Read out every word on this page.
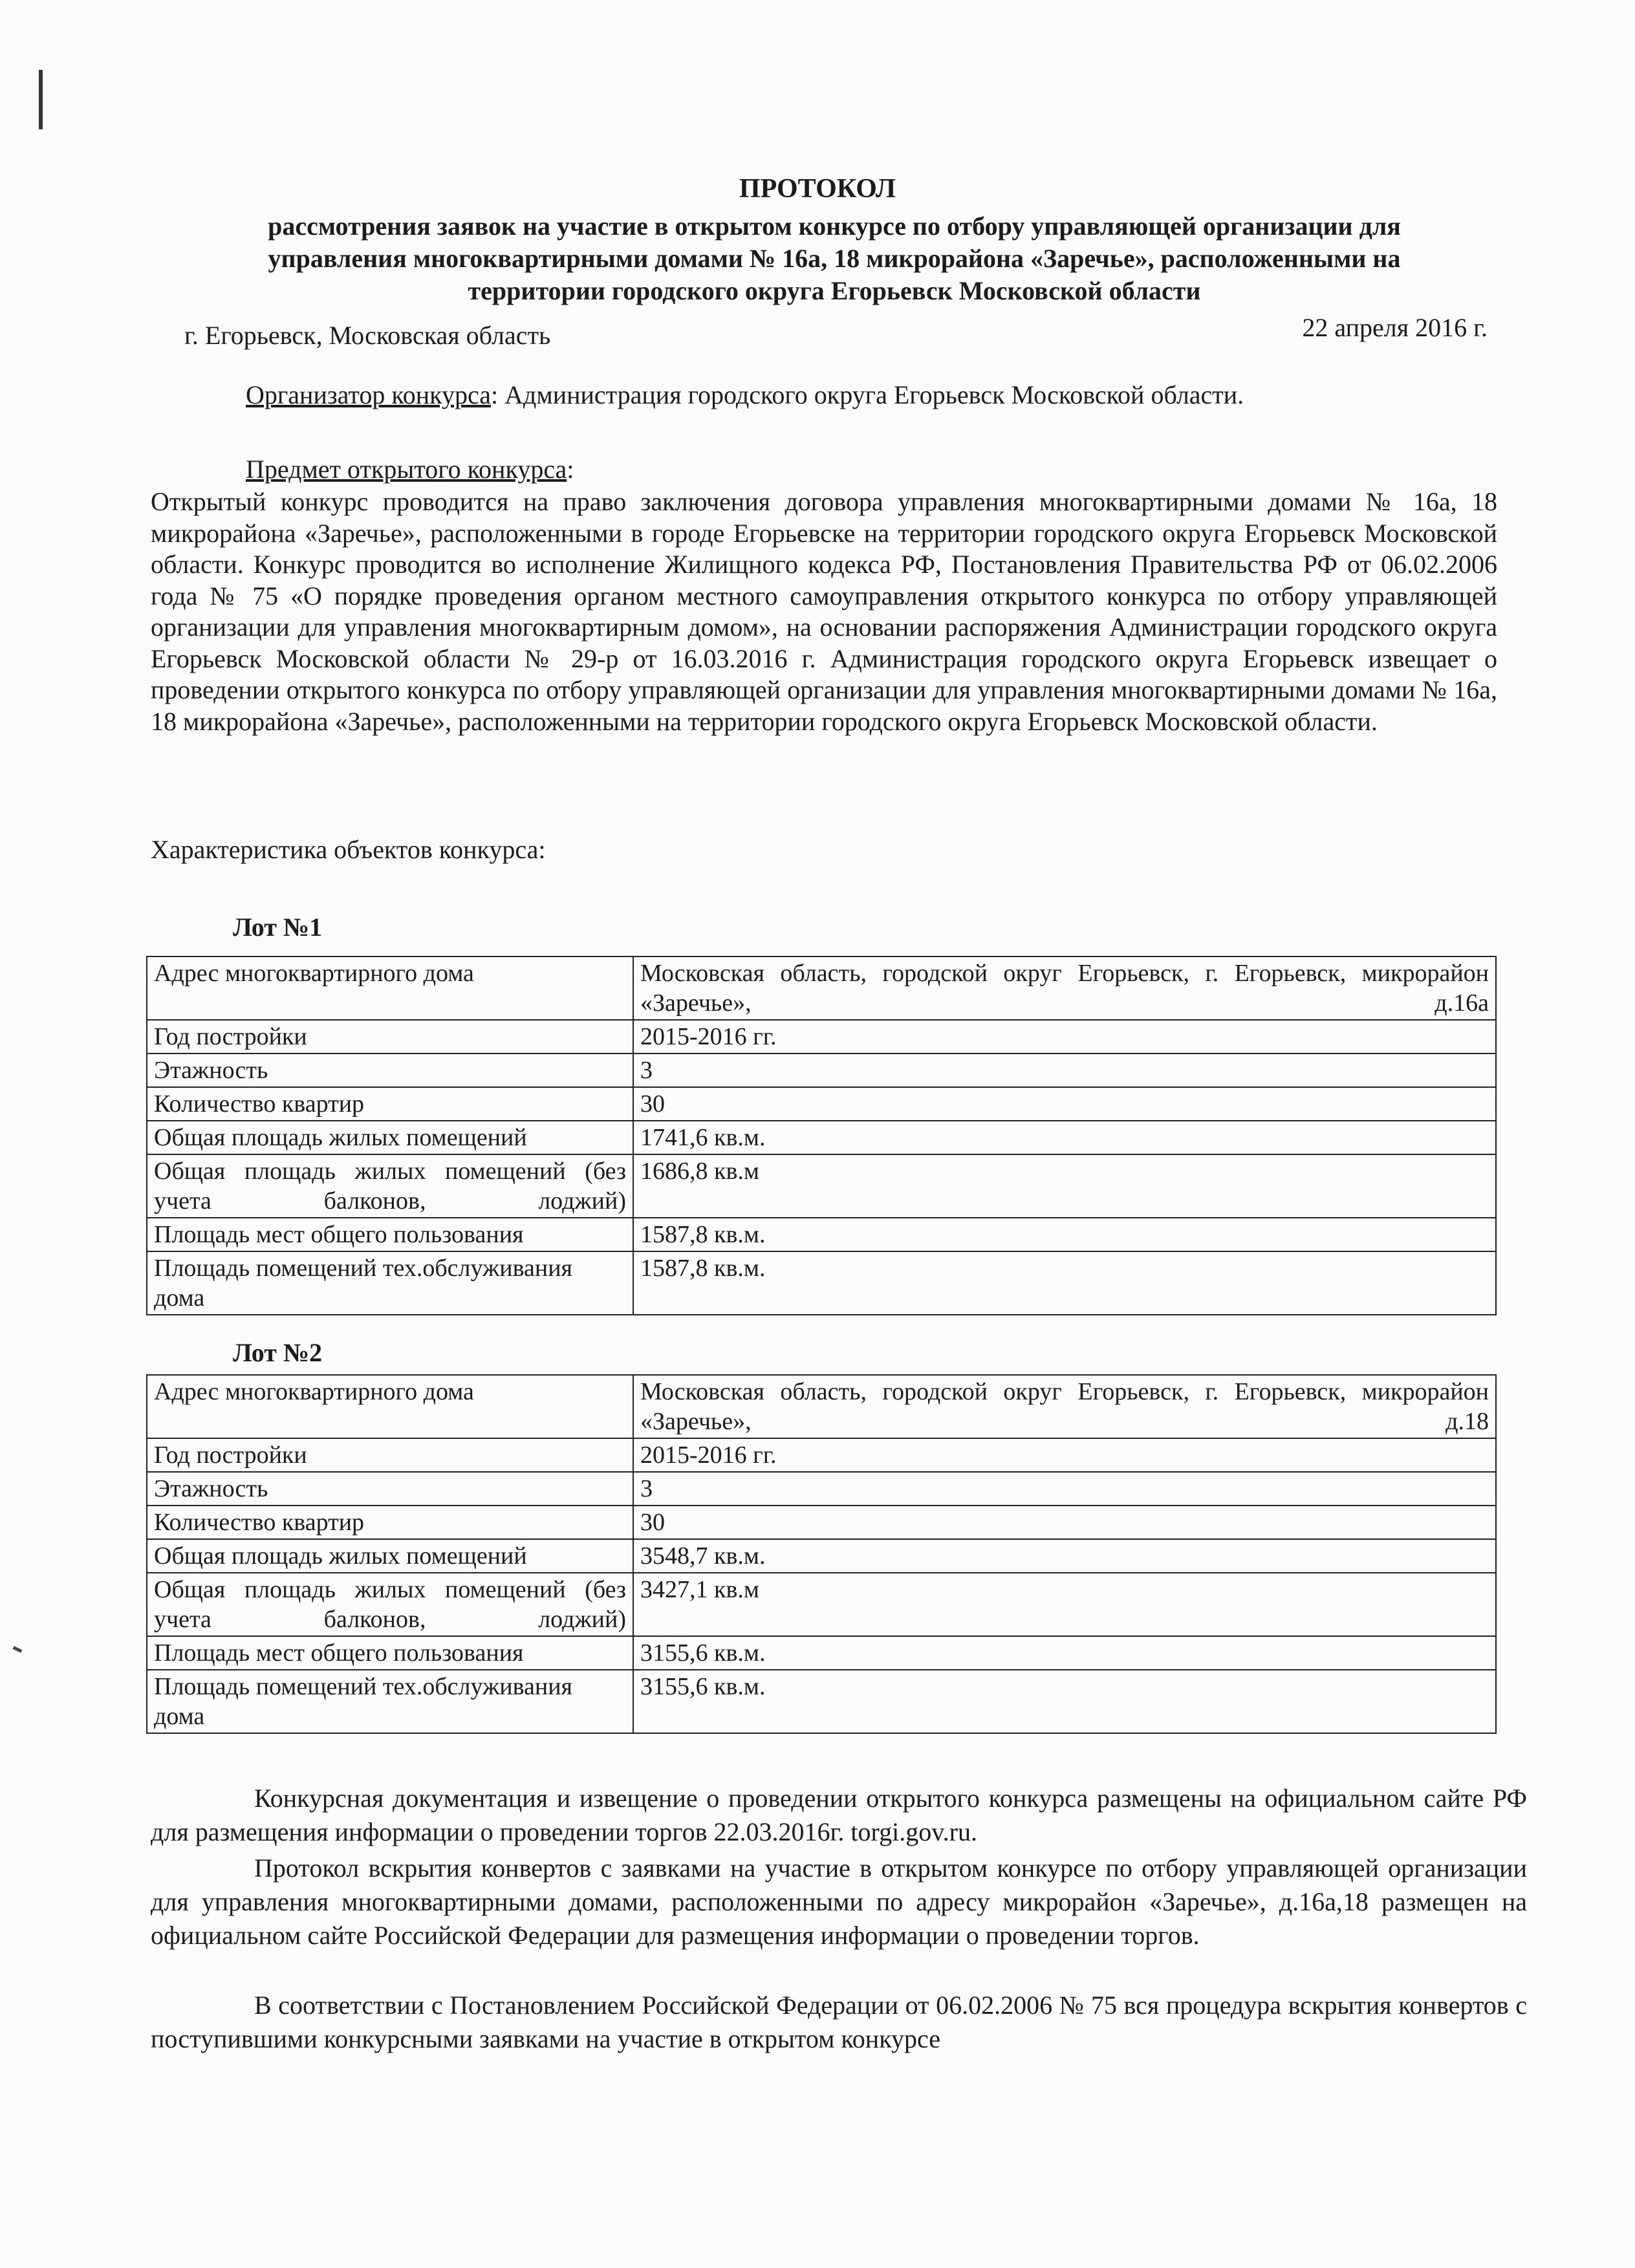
ПРОТОКОЛ
рассмотрения заявок на участие в открытом конкурсе по отбору управляющей организации для
управления многоквартирными домами № 16а, 18 микрорайона «Заречье», расположенными на
территории городского округа Егорьевск Московской области
г. Егорьевск, Московская область	22 апреля 2016 г.
Организатор конкурса: Администрация городского округа Егорьевск Московской области.
Предмет открытого конкурса:
Открытый конкурс проводится на право заключения договора управления многоквартирными домами № 16а, 18 микрорайона «Заречье», расположенными в городе Егорьевске на территории городского округа Егорьевск Московской области. Конкурс проводится во исполнение Жилищного кодекса РФ, Постановления Правительства РФ от 06.02.2006 года № 75 «О порядке проведения органом местного самоуправления открытого конкурса по отбору управляющей организации для управления многоквартирным домом», на основании распоряжения Администрации городского округа Егорьевск Московской области № 29-р от 16.03.2016 г. Администрация городского округа Егорьевск извещает о проведении открытого конкурса по отбору управляющей организации для управления многоквартирными домами № 16а, 18 микрорайона «Заречье», расположенными на территории городского округа Егорьевск Московской области.
Характеристика объектов конкурса:
Лот №1
Адрес многоквартирного дома	Московская область, городской округ Егорьевск, г. Егорьевск, микрорайон «Заречье», д.16а
Год постройки	2015-2016 гг.
Этажность	3
Количество квартир	30
Общая площадь жилых помещений	1741,6 кв.м.
Общая площадь жилых помещений (без учета балконов, лоджий)	1686,8 кв.м
Площадь мест общего пользования	1587,8 кв.м.
Площадь помещений тех.обслуживания дома	1587,8 кв.м.
Лот №2
Адрес многоквартирного дома	Московская область, городской округ Егорьевск, г. Егорьевск, микрорайон «Заречье», д.18
Год постройки	2015-2016 гг.
Этажность	3
Количество квартир	30
Общая площадь жилых помещений	3548,7 кв.м.
Общая площадь жилых помещений (без учета балконов, лоджий)	3427,1 кв.м
Площадь мест общего пользования	3155,6 кв.м.
Площадь помещений тех.обслуживания дома	3155,6 кв.м.
Конкурсная документация и извещение о проведении открытого конкурса размещены на официальном сайте РФ для размещения информации о проведении торгов 22.03.2016г. torgi.gov.ru.
Протокол вскрытия конвертов с заявками на участие в открытом конкурсе по отбору управляющей организации для управления многоквартирными домами, расположенными по адресу микрорайон «Заречье», д.16а,18 размещен на официальном сайте Российской Федерации для размещения информации о проведении торгов.
В соответствии с Постановлением Российской Федерации от 06.02.2006 № 75 вся процедура вскрытия конвертов с поступившими конкурсными заявками на участие в открытом конкурсе
